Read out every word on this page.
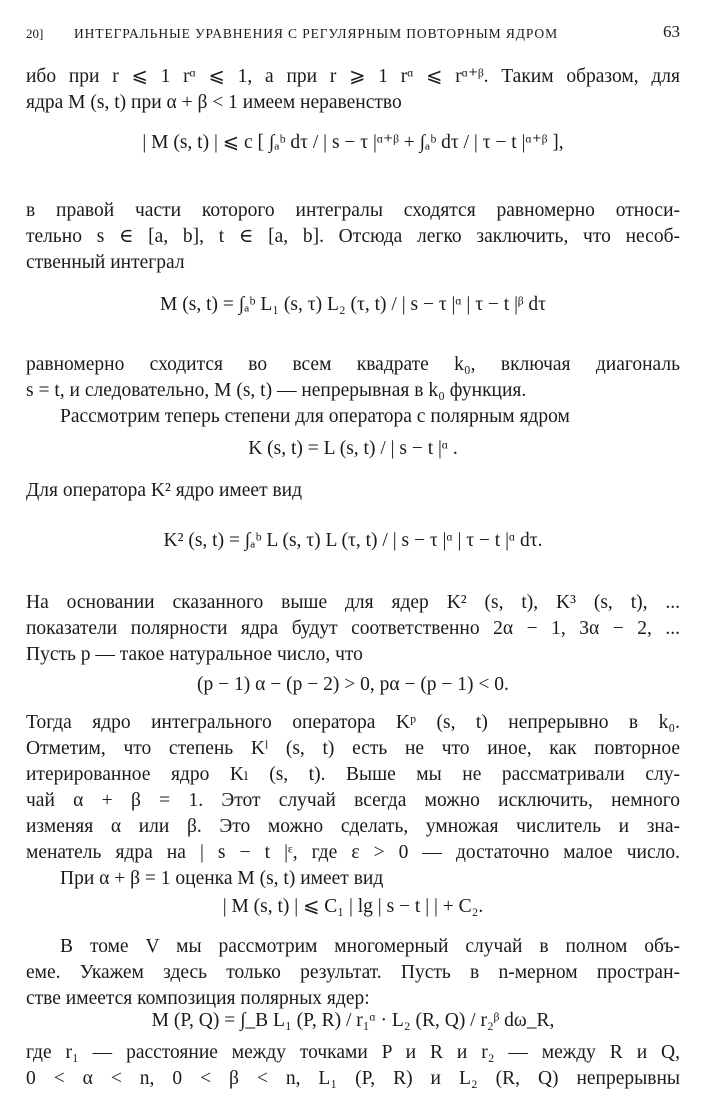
20] ИНТЕГРАЛЬНЫЕ УРАВНЕНИЯ С РЕГУЛЯРНЫМ ПОВТОРНЫМ ЯДРОМ	63

ибо при r ⩽ 1 rᵅ ⩽ 1, а при r ⩾ 1 rᵅ ⩽ rᵅ⁺ᵝ. Таким образом, для

ядра M (s, t) при α + β < 1 имеем неравенство

| M (s, t) | ⩽ c [ ∫ₐᵇ dτ / | s − τ |ᵅ⁺ᵝ + ∫ₐᵇ dτ / | τ − t |ᵅ⁺ᵝ ],

в правой части которого интегралы сходятся равномерно относи-

тельно s ∈ [a, b], t ∈ [a, b]. Отсюда легко заключить, что несоб-

ственный интеграл

M (s, t) = ∫ₐᵇ L₁ (s, τ) L₂ (τ, t) / | s − τ |ᵅ | τ − t |ᵝ dτ

равномерно сходится во всем квадрате k₀, включая диагональ

s = t, и следовательно, M (s, t) — непрерывная в k₀ функция.

Рассмотрим теперь степени для оператора с полярным ядром

K (s, t) = L (s, t) / | s − t |ᵅ .

Для оператора K² ядро имеет вид

K² (s, t) = ∫ₐᵇ L (s, τ) L (τ, t) / | s − τ |ᵅ | τ − t |ᵅ dτ.

На основании сказанного выше для ядер K² (s, t), K³ (s, t), ...

показатели полярности ядра будут соответственно 2α − 1, 3α − 2, ...

Пусть p — такое натуральное число, что

(p − 1) α − (p − 2) > 0, pα − (p − 1) < 0.

Тогда ядро интегрального оператора Kᵖ (s, t) непрерывно в k₀.

Отметим, что степень Kˡ (s, t) есть не что иное, как повторное

итерированное ядро Kₗ (s, t). Выше мы не рассматривали слу-

чай α + β = 1. Этот случай всегда можно исключить, немного

изменяя α или β. Это можно сделать, умножая числитель и зна-

менатель ядра на | s − t |ᵋ, где ε > 0 — достаточно малое число.

При α + β = 1 оценка M (s, t) имеет вид

| M (s, t) | ⩽ C₁ | lg | s − t | | + C₂.

В томе V мы рассмотрим многомерный случай в полном объ-

еме. Укажем здесь только результат. Пусть в n-мерном простран-

стве имеется композиция полярных ядер:

M (P, Q) = ∫_B L₁ (P, R) / r₁ᵅ · L₂ (R, Q) / r₂ᵝ dω_R,

где r₁ — расстояние между точками P и R и r₂ — между R и Q,

0 < α < n, 0 < β < n, L₁ (P, R) и L₂ (R, Q) непрерывны
